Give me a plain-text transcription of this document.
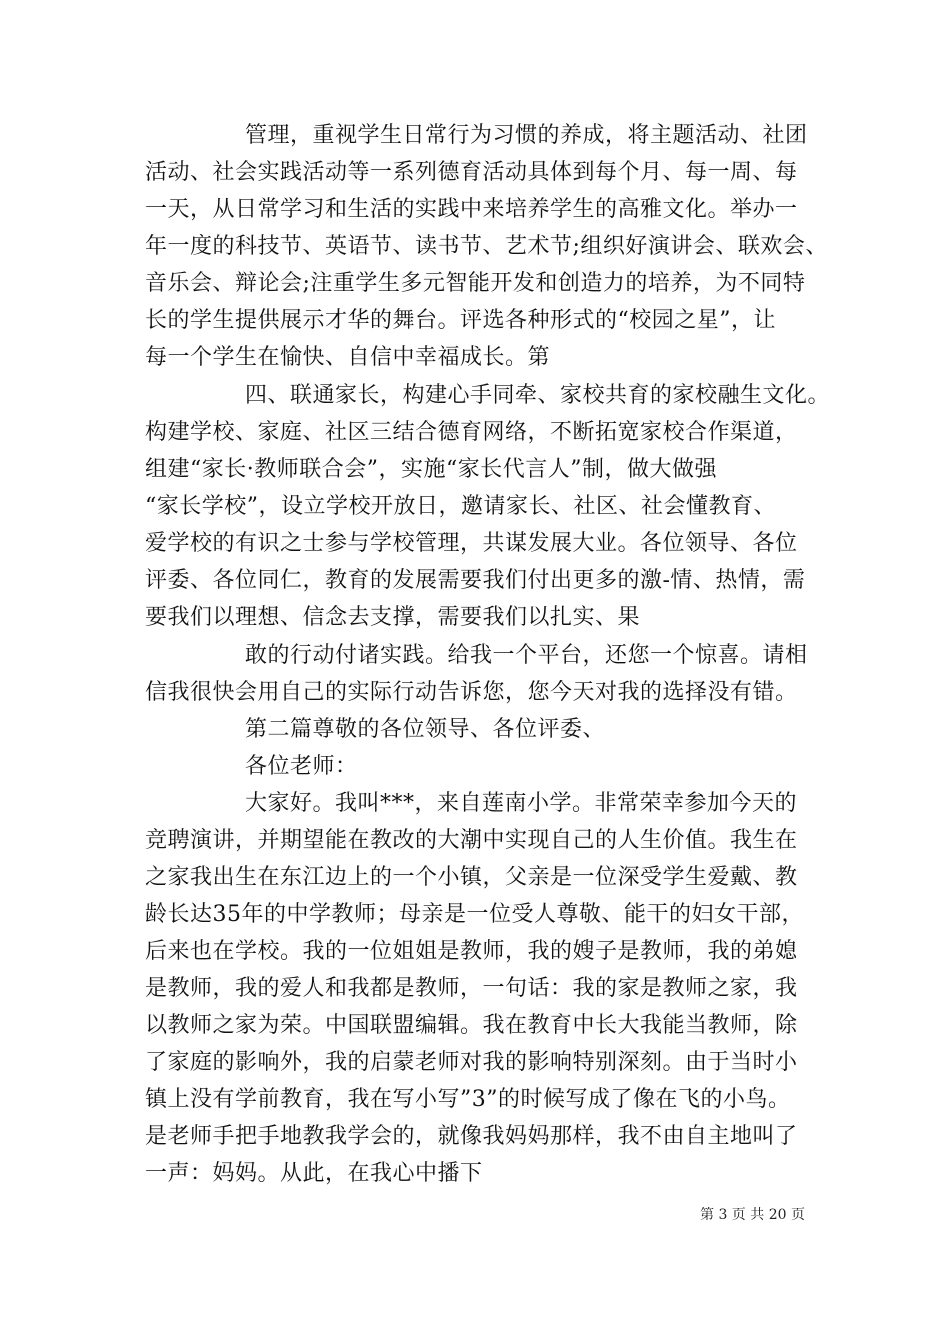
管理，重视学生日常行为习惯的养成，将主题活动、社团
活动、社会实践活动等一系列德育活动具体到每个月、每一周、每
一天，从日常学习和生活的实践中来培养学生的高雅文化。举办一
年一度的科技节、英语节、读书节、艺术节;组织好演讲会、联欢会、
音乐会、辩论会;注重学生多元智能开发和创造力的培养，为不同特
长的学生提供展示才华的舞台。评选各种形式的“校园之星”，让
每一个学生在愉快、自信中幸福成长。第
四、联通家长，构建心手同牵、家校共育的家校融生文化。
构建学校、家庭、社区三结合德育网络，不断拓宽家校合作渠道，
组建“家长·教师联合会”，实施“家长代言人”制，做大做强
“家长学校”，设立学校开放日，邀请家长、社区、社会懂教育、
爱学校的有识之士参与学校管理，共谋发展大业。各位领导、各位
评委、各位同仁，教育的发展需要我们付出更多的激-情、热情，需
要我们以理想、信念去支撑，需要我们以扎实、果
敢的行动付诸实践。给我一个平台，还您一个惊喜。请相
信我很快会用自己的实际行动告诉您，您今天对我的选择没有错。
第二篇尊敬的各位领导、各位评委、
各位老师：
大家好。我叫***，来自莲南小学。非常荣幸参加今天的
竞聘演讲，并期望能在教改的大潮中实现自己的人生价值。我生在
之家我出生在东江边上的一个小镇，父亲是一位深受学生爱戴、教
龄长达35年的中学教师；母亲是一位受人尊敬、能干的妇女干部，
后来也在学校。我的一位姐姐是教师，我的嫂子是教师，我的弟媳
是教师，我的爱人和我都是教师，一句话：我的家是教师之家，我
以教师之家为荣。中国联盟编辑。我在教育中长大我能当教师，除
了家庭的影响外，我的启蒙老师对我的影响特别深刻。由于当时小
镇上没有学前教育，我在写小写”3”的时候写成了像在飞的小鸟。
是老师手把手地教我学会的，就像我妈妈那样，我不由自主地叫了
一声：妈妈。从此，在我心中播下
第 3 页 共 20 页
